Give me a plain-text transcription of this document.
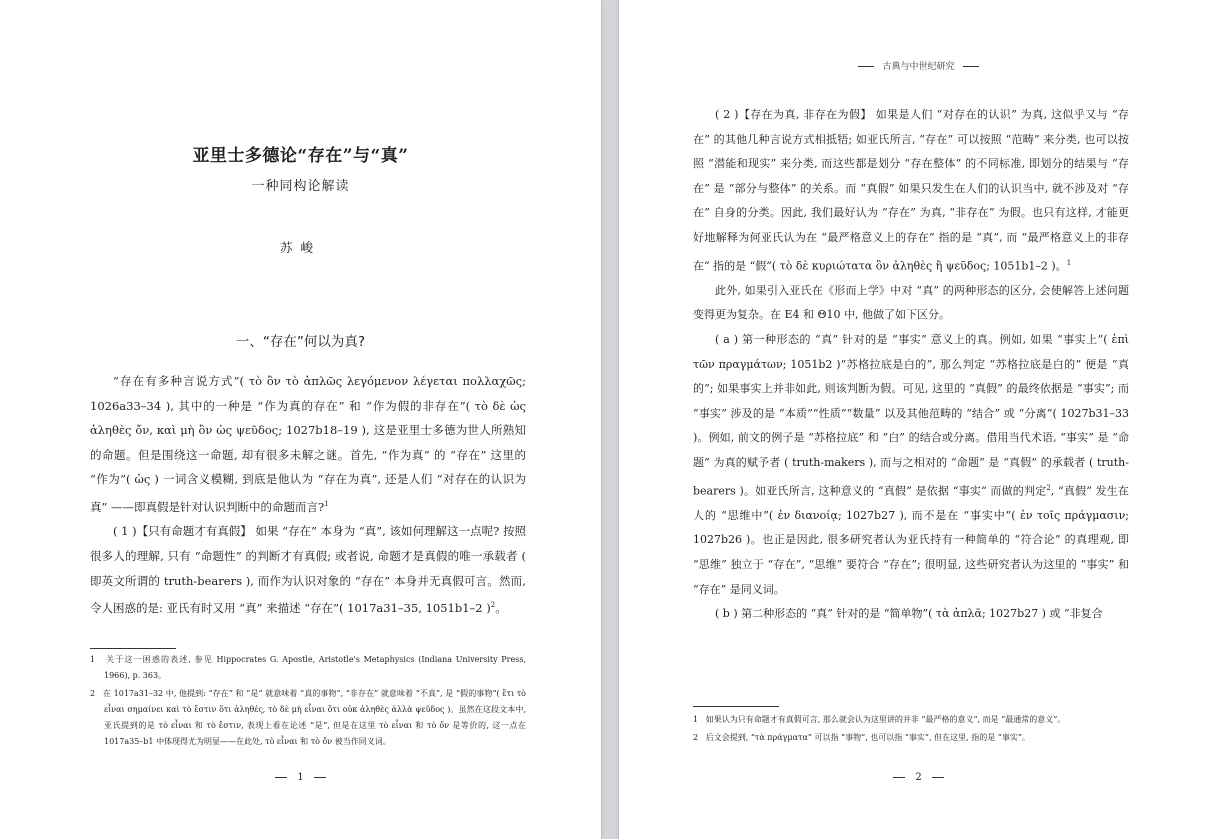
亚里士多德论“存在”与“真”
一种同构论解读
苏峻
一、“存在”何以为真?

“存在有多种言说方式”( τὸ ὂν τὸ ἁπλῶς λεγόμενον λέγεται πολλαχῶς; 1026a33–34 ), 其中的一种是 “作为真的存在” 和 “作为假的非存在”( τὸ δὲ ὡς ἀληθὲς ὄν, καὶ μὴ ὂν ὡς ψεῦδος; 1027b18–19 ), 这是亚里士多德为世人所熟知的命题。但是围绕这一命题, 却有很多未解之谜。首先, “作为真” 的 “存在” 这里的 “作为”( ὡς ) 一词含义模糊, 到底是他认为 “存在为真”, 还是人们 “对存在的认识为真” ——即真假是针对认识判断中的命题而言?$^1$

( 1 )【只有命题才有真假】 如果 “存在” 本身为 “真”, 该如何理解这一点呢? 按照很多人的理解, 只有 “命题性” 的判断才有真假; 或者说, 命题才是真假的唯一承载者 ( 即英文所谓的 truth-bearers ), 而作为认识对象的 “存在” 本身并无真假可言。然而, 令人困惑的是: 亚氏有时又用 “真” 来描述 “存在”( 1017a31–35, 1051b1–2 )$^2$。

1 关于这一困惑的表述, 参见 Hippocrates G. Apostle, Aristotle's Metaphysics (Indiana University Press, 1966), p. 363。

2 在 1017a31–32 中, 他提到: “存在” 和 “是” 就意味着 “真的事物”, “非存在” 就意味着 “不真”, 是 “假的事物”( ἔτι τὸ εἶναι σημαίνει καὶ τὸ ἔστιν ὅτι ἀληθές, τὸ δὲ μὴ εἶναι ὅτι οὐκ ἀληθὲς ἀλλὰ ψεῦδος )。虽然在这段文本中, 亚氏提到的是 τὸ εἶναι 和 τὸ ἔστιν, 表现上看在论述 “是”, 但是在这里 τὸ εἶναι 和 τὸ ὄν 是等价的, 这一点在 1017a35–b1 中体现得尤为明显——在此处, τὸ εἶναι 和 τὸ ὄν 被当作同义词。

1
古典与中世纪研究

( 2 )【存在为真, 非存在为假】 如果是人们 “对存在的认识” 为真, 这似乎又与 “存在” 的其他几种言说方式相抵牾; 如亚氏所言, “存在” 可以按照 “范畴” 来分类, 也可以按照 “潜能和现实” 来分类, 而这些都是划分 “存在整体” 的不同标准, 即划分的结果与 “存在” 是 “部分与整体” 的关系。而 “真假” 如果只发生在人们的认识当中, 就不涉及对 “存在” 自身的分类。因此, 我们最好认为 “存在” 为真, “非存在” 为假。也只有这样, 才能更好地解释为何亚氏认为在 “最严格意义上的存在” 指的是 “真”, 而 “最严格意义上的非存在” 指的是 “假”( τὸ δὲ κυριώτατα ὂν ἀληθὲς ἢ ψεῦδος; 1051b1–2 )。$^1$

此外, 如果引入亚氏在《形而上学》中对 “真” 的两种形态的区分, 会使解答上述问题变得更为复杂。在 E4 和 Θ10 中, 他做了如下区分。

( a ) 第一种形态的 “真” 针对的是 “事实” 意义上的真。例如, 如果 “事实上”( ἐπὶ τῶν πραγμάτων; 1051b2 )“苏格拉底是白的”, 那么判定 “苏格拉底是白的” 便是 “真的”; 如果事实上并非如此, 则该判断为假。可见, 这里的 “真假” 的最终依据是 “事实”; 而 “事实” 涉及的是 “本质”“性质”“数量” 以及其他范畴的 “结合” 或 “分离”( 1027b31–33 )。例如, 前文的例子是 “苏格拉底” 和 “白” 的结合或分离。借用当代术语, “事实” 是 “命题” 为真的赋予者 ( truth-makers ), 而与之相对的 “命题” 是 “真假” 的承载者 ( truth-bearers )。如亚氏所言, 这种意义的 “真假” 是依据 “事实” 而做的判定$^2$, “真假” 发生在人的 “思维中”( ἐν διανοίᾳ; 1027b27 ), 而不是在 “事实中”( ἐν τοῖς πράγμασιν; 1027b26 )。也正是因此, 很多研究者认为亚氏持有一种简单的 “符合论” 的真理观, 即 “思维” 独立于 “存在”, “思维” 要符合 “存在”; 很明显, 这些研究者认为这里的 “事实” 和 “存在” 是同义词。

( b ) 第二种形态的 “真” 针对的是 “简单物”( τὰ ἁπλᾶ; 1027b27 ) 或 “非复合

1 如果认为只有命题才有真假可言, 那么就会认为这里讲的并非 “最严格的意义”, 而是 “最通常的意义”。

2 后文会提到, “τὰ πράγματα” 可以指 “事物”, 也可以指 “事实”, 但在这里, 指的是 “事实”。

2
